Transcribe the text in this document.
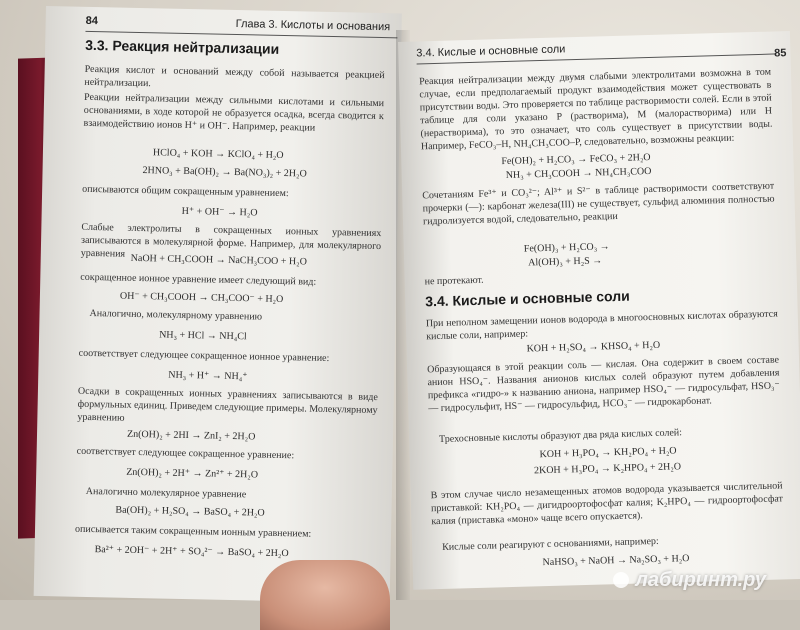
84	Глава 3. Кислоты и основания
3.3. Реакция нейтрализации
Реакция кислот и оснований между собой называется реакцией нейтрализации.
Реакции нейтрализации между сильными кислотами и сильными основаниями, в ходе которой не образуется осадка, всегда сводится к взаимодействию ионов H⁺ и OH⁻. Например, реакции
HClO₄ + KOH → KClO₄ + H₂O
2HNO₃ + Ba(OH)₂ → Ba(NO₃)₂ + 2H₂O
описываются общим сокращенным уравнением:
H⁺ + OH⁻ → H₂O
Слабые электролиты в сокращенных ионных уравнениях записываются в молекулярной форме. Например, для молекулярного уравнения NaOH + CH₃COOH → NaCH₃COO + H₂O
сокращенное ионное уравнение имеет следующий вид:
OH⁻ + CH₃COOH → CH₃COO⁻ + H₂O
Аналогично, молекулярному уравнению
NH₃ + HCl → NH₄Cl
соответствует следующее сокращенное ионное уравнение:
NH₃ + H⁺ → NH₄⁺
Осадки в сокращенных ионных уравнениях записываются в виде формульных единиц. Приведем следующие примеры. Молекулярному уравнению
Zn(OH)₂ + 2HI → ZnI₂ + 2H₂O
соответствует следующее сокращенное уравнение:
Zn(OH)₂ + 2H⁺ → Zn²⁺ + 2H₂O
Аналогично молекулярное уравнение
Ba(OH)₂ + H₂SO₄ → BaSO₄ + 2H₂O
описывается таким сокращенным ионным уравнением:
Ba²⁺ + 2OH⁻ + 2H⁺ + SO₄²⁻ → BaSO₄ + 2H₂O
3.4. Кислые и основные соли	85
Реакция нейтрализации между двумя слабыми электролитами возможна в том случае, если предполагаемый продукт взаимодействия может существовать в присутствии воды. Это проверяется по таблице растворимости солей. Если в этой таблице для соли указано P (растворима), M (малорастворима) или H (нерастворима), то это означает, что соль существует в присутствии воды. Например, FeCO₃–H, NH₄CH₃COO–P, следовательно, возможны реакции:
Fe(OH)₂ + H₂CO₃ → FeCO₃ + 2H₂O
NH₃ + CH₃COOH → NH₄CH₃COO
Сочетаниям Fe³⁺ и CO₃²⁻; Al³⁺ и S²⁻ в таблице растворимости соответствуют прочерки (—): карбонат железа(III) не существует, сульфид алюминия полностью гидролизуется водой, следовательно, реакции
Fe(OH)₃ + H₂CO₃ →
Al(OH)₃ + H₂S →
не протекают.
3.4. Кислые и основные соли
При неполном замещении ионов водорода в многоосновных кислотах образуются кислые соли, например:
KOH + H₂SO₄ → KHSO₄ + H₂O
Образующаяся в этой реакции соль — кислая. Она содержит в своем составе анион HSO₄⁻. Названия анионов кислых солей образуют путем добавления префикса «гидро-» к названию аниона, например HSO₄⁻ — гидросульфат, HSO₃⁻ — гидросульфит, HS⁻ — гидросульфид, HCO₃⁻ — гидрокарбонат.
Трехосновные кислоты образуют два ряда кислых солей:
KOH + H₃PO₄ → KH₂PO₄ + H₂O
2KOH + H₃PO₄ → K₂HPO₄ + 2H₂O
В этом случае число незамещенных атомов водорода указывается числительной приставкой: KH₂PO₄ — дигидроортофосфат калия; K₂HPO₄ — гидроортофосфат калия (приставка «моно» чаще всего опускается).
Кислые соли реагируют с основаниями, например:
NaHSO₃ + NaOH → Na₂SO₃ + H₂O
лабиринт.ру
